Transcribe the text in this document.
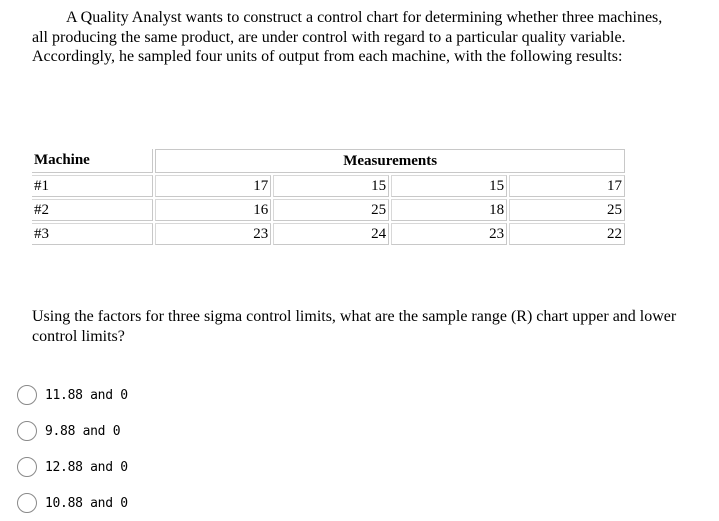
A Quality Analyst wants to construct a control chart for determining whether three machines, all producing the same product, are under control with regard to a particular quality variable. Accordingly, he sampled four units of output from each machine, with the following results:

Machine	Measurements			
#1	17	15	15	17
#2	16	25	18	25
#3	23	24	23	22

Using the factors for three sigma control limits, what are the sample range (R) chart upper and lower control limits?

11.88 and 0
9.88 and 0
12.88 and 0
10.88 and 0
